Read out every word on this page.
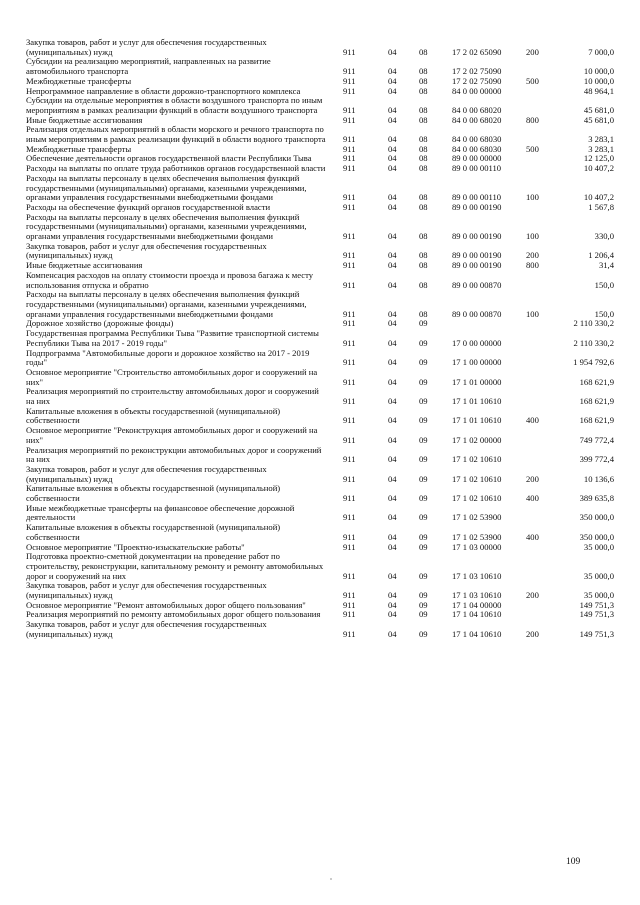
Закупка товаров, работ и услуг для обеспечения государственных (муниципальных) нужд	911	04	08	17 2 02 65090	200	7 000,0
Субсидии на реализацию мероприятий, направленных на развитие автомобильного транспорта	911	04	08	17 2 02 75090	10 000,0
Межбюджетные трансферты	911	04	08	17 2 02 75090	500	10 000,0
Непрограммное направление в области дорожно-транспортного комплекса	911	04	08	84 0 00 00000	48 964,1
Субсидии на отдельные мероприятия в области воздушного транспорта по иным мероприятиям в рамках реализации функций в области воздушного транспорта	911	04	08	84 0 00 68020	45 681,0
Иные бюджетные ассигнования	911	04	08	84 0 00 68020	800	45 681,0
Реализация отдельных мероприятий в области морского и речного транспорта по иным мероприятиям в рамках реализации функций в области водного транспорта 911	04	08	84 0 00 68030	3 283,1
Межбюджетные трансферты	911	04	08	84 0 00 68030	500	3 283,1
Обеспечение деятельности органов государственной власти Республики Тыва	911	04	08	89 0 00 00000	12 125,0
Расходы на выплаты по оплате труда работников органов государственной власти 911	04	08	89 0 00 00110	10 407,2
Расходы на выплаты персоналу в целях обеспечения выполнения функций государственными (муниципальными) органами, казенными учреждениями, органами управления государственными внебюджетными фондами	911	04	08	89 0 00 00110	100	10 407,2
Расходы на обеспечение функций органов государственной власти	911	04	08	89 0 00 00190	1 567,8
Расходы на выплаты персоналу в целях обеспечения выполнения функций государственными (муниципальными) органами, казенными учреждениями, органами управления государственными внебюджетными фондами	911	04	08	89 0 00 00190	100	330,0
Закупка товаров, работ и услуг для обеспечения государственных (муниципальных) нужд	911	04	08	89 0 00 00190	200	1 206,4
Иные бюджетные ассигнования	911	04	08	89 0 00 00190	800	31,4
Компенсация расходов на оплату стоимости проезда и провоза багажа к месту использования отпуска и обратно	911	04	08	89 0 00 00870	150,0
Расходы на выплаты персоналу в целях обеспечения выполнения функций государственными (муниципальными) органами, казенными учреждениями, органами управления государственными внебюджетными фондами	911	04	08	89 0 00 00870	100	150,0
Дорожное хозяйство (дорожные фонды)	911	04	09	2 110 330,2
Государственная программа Республики Тыва "Развитие транспортной системы Республики Тыва на 2017 - 2019 годы"	911	04	09	17 0 00 00000	2 110 330,2
Подпрограмма "Автомобильные дороги и дорожное хозяйство на 2017 - 2019 годы"	911	04	09	17 1 00 00000	1 954 792,6
Основное мероприятие "Строительство автомобильных дорог и сооружений на них"	911	04	09	17 1 01 00000	168 621,9
Реализация мероприятий по строительству автомобильных дорог и сооружений на них	911	04	09	17 1 01 10610	168 621,9
Капитальные вложения в объекты государственной (муниципальной) собственности	911	04	09	17 1 01 10610	400	168 621,9
Основное мероприятие "Реконструкция автомобильных дорог и сооружений на них"	911	04	09	17 1 02 00000	749 772,4
Реализация мероприятий по реконструкции автомобильных дорог и сооружений на них	911	04	09	17 1 02 10610	399 772,4
Закупка товаров, работ и услуг для обеспечения государственных (муниципальных) нужд	911	04	09	17 1 02 10610	200	10 136,6
Капитальные вложения в объекты государственной (муниципальной) собственности	911	04	09	17 1 02 10610	400	389 635,8
Иные межбюджетные трансферты на финансовое обеспечение дорожной деятельности	911	04	09	17 1 02 53900	350 000,0
Капитальные вложения в объекты государственной (муниципальной) собственности	911	04	09	17 1 02 53900	400	350 000,0
Основное мероприятие "Проектно-изыскательские работы"	911	04	09	17 1 03 00000	35 000,0
Подготовка проектно-сметной документации на проведение работ по строительству, реконструкции, капитальному ремонту и ремонту автомобильных дорог и сооружений на них	911	04	09	17 1 03 10610	35 000,0
Закупка товаров, работ и услуг для обеспечения государственных (муниципальных) нужд	911	04	09	17 1 03 10610	200	35 000,0
Основное мероприятие "Ремонт автомобильных дорог общего пользования"	911	04	09	17 1 04 00000	149 751,3
Реализация мероприятий по ремонту автомобильных дорог общего пользования	911	04	09	17 1 04 10610	149 751,3
Закупка товаров, работ и услуг для обеспечения государственных (муниципальных) нужд	911	04	09	17 1 04 10610	200	149 751,3
109
